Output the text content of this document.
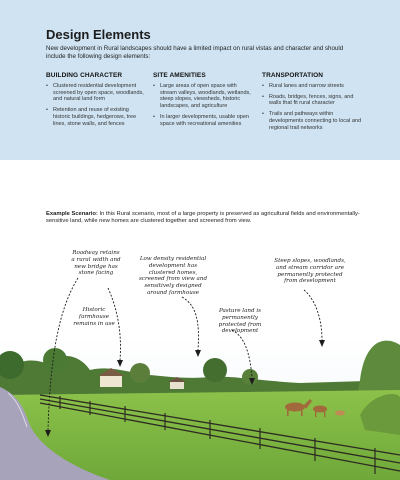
Design Elements
New development in Rural landscapes should have a limited impact on rural vistas and character and should include the following design elements:
BUILDING CHARACTER
• Clustered residential development screened by open space, woodlands, and natural land form
• Retention and reuse of existing historic buildings, hedgerows, tree lines, stone walls, and fences
SITE AMENITIES
• Large areas of open space with stream valleys, woodlands, wetlands, steep slopes, viewsheds, historic landscapes, and agriculture
• In larger developments, usable open space with recreational amenities
TRANSPORTATION
• Rural lanes and narrow streets
• Roads, bridges, fences, signs, and walls that fit rural character
• Trails and pathways within developments connecting to local and regional trail networks
Example Scenario: In this Rural scenario, most of a large property is preserved as agricultural fields and environmentally-sensitive land, while new homes are clustered together and screened from view.
Roadway retains a rural width and new bridge has stone facing
Historic farmhouse remains in use
Low density residential development has clustered homes, screened from view and sensitively designed around farmhouse
Pasture land is permanently protected from development
Steep slopes, woodlands, and stream corridor are permanently protected from development
